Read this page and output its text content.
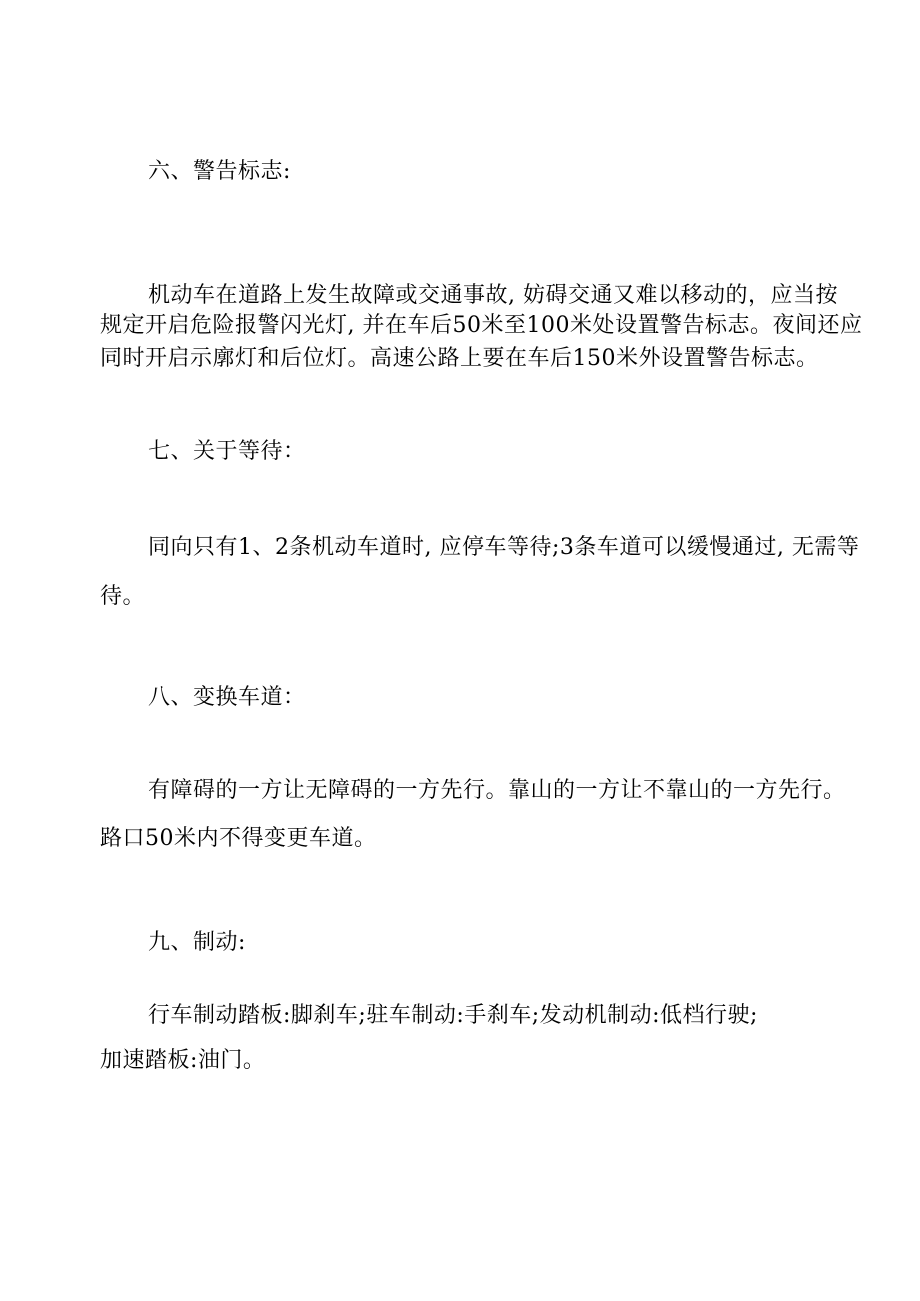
六、警告标志:
机动车在道路上发生故障或交通事故, 妨碍交通又难以移动的，应当按
规定开启危险报警闪光灯, 并在车后50米至100米处设置警告标志。夜间还应
同时开启示廓灯和后位灯。高速公路上要在车后150米外设置警告标志。
七、关于等待：
同向只有1、2条机动车道时, 应停车等待;3条车道可以缓慢通过, 无需等
待。
八、变换车道：
有障碍的一方让无障碍的一方先行。靠山的一方让不靠山的一方先行。
路口50米内不得变更车道。
九、制动:
行车制动踏板:脚刹车;驻车制动:手刹车;发动机制动:低档行驶;
加速踏板:油门。
